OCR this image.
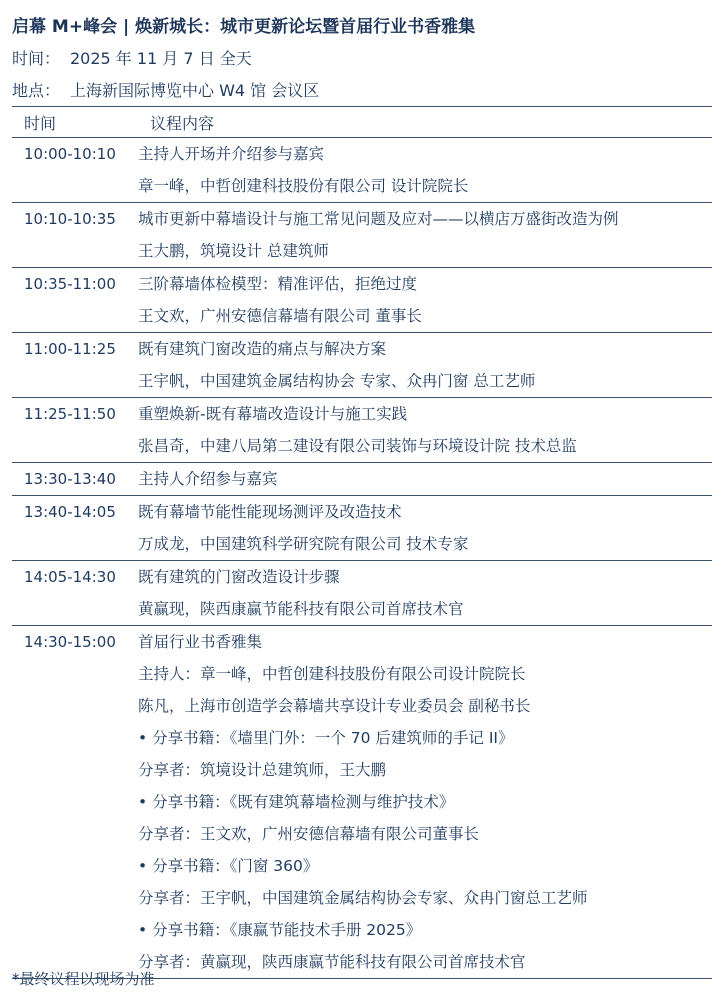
启幕 M+峰会 | 焕新城长：城市更新论坛暨首届行业书香雅集
时间： 2025 年 11 月 7 日 全天
地点： 上海新国际博览中心 W4 馆 会议区
时间	议程内容
10:00-10:10	主持人开场并介绍参与嘉宾
章一峰，中哲创建科技股份有限公司 设计院院长
10:10-10:35	城市更新中幕墙设计与施工常见问题及应对——以横店万盛街改造为例
王大鹏，筑境设计 总建筑师
10:35-11:00	三阶幕墙体检模型：精准评估，拒绝过度
王文欢，广州安德信幕墙有限公司 董事长
11:00-11:25	既有建筑门窗改造的痛点与解决方案
王宇帆，中国建筑金属结构协会 专家、众冉门窗 总工艺师
11:25-11:50	重塑焕新-既有幕墙改造设计与施工实践
张昌奇，中建八局第二建设有限公司装饰与环境设计院 技术总监
13:30-13:40	主持人介绍参与嘉宾
13:40-14:05	既有幕墙节能性能现场测评及改造技术
万成龙，中国建筑科学研究院有限公司 技术专家
14:05-14:30	既有建筑的门窗改造设计步骤
黄赢现，陕西康赢节能科技有限公司首席技术官
14:30-15:00	首届行业书香雅集
主持人：章一峰，中哲创建科技股份有限公司设计院院长
陈凡，上海市创造学会幕墙共享设计专业委员会 副秘书长
• 分享书籍：《墙里门外：一个 70 后建筑师的手记 II》
分享者：筑境设计总建筑师，王大鹏
• 分享书籍：《既有建筑幕墙检测与维护技术》
分享者：王文欢，广州安德信幕墙有限公司董事长
• 分享书籍：《门窗 360》
分享者：王宇帆，中国建筑金属结构协会专家、众冉门窗总工艺师
• 分享书籍：《康赢节能技术手册 2025》
分享者：黄赢现，陕西康赢节能科技有限公司首席技术官
*最终议程以现场为准
